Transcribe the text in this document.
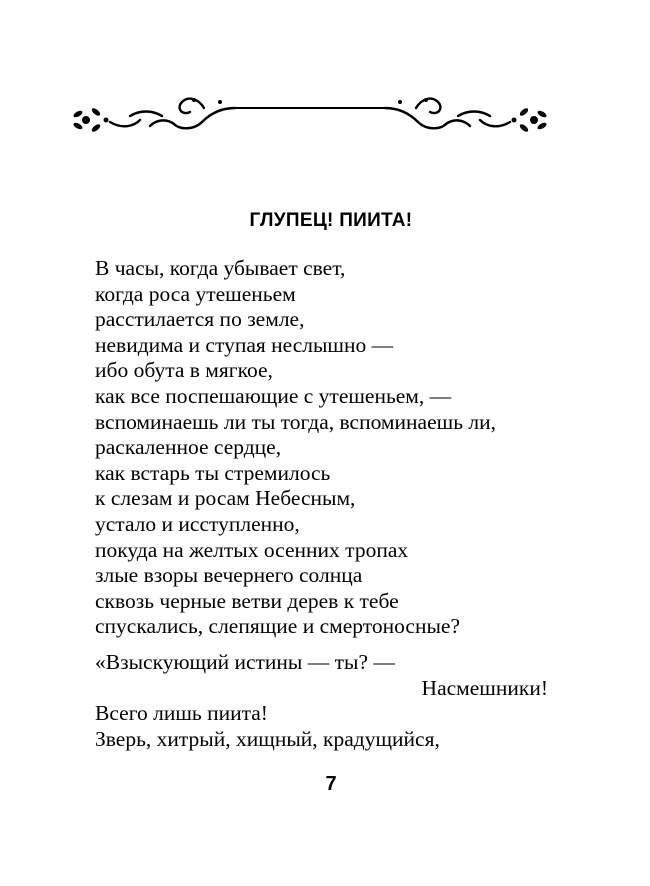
ГЛУПЕЦ! ПИИТА!
В часы, когда убывает свет,
когда роса утешеньем
расстилается по земле,
невидима и ступая неслышно —
ибо обута в мягкое,
как все поспешающие с утешеньем, —
вспоминаешь ли ты тогда, вспоминаешь ли,
раскаленное сердце,
как встарь ты стремилось
к слезам и росам Небесным,
устало и исступленно,
покуда на желтых осенних тропах
злые взоры вечернего солнца
сквозь черные ветви дерев к тебе
спускались, слепящие и смертоносные?
«Взыскующий истины — ты? —
Насмешники!
Всего лишь пиита!
Зверь, хитрый, хищный, крадущийся,
7
